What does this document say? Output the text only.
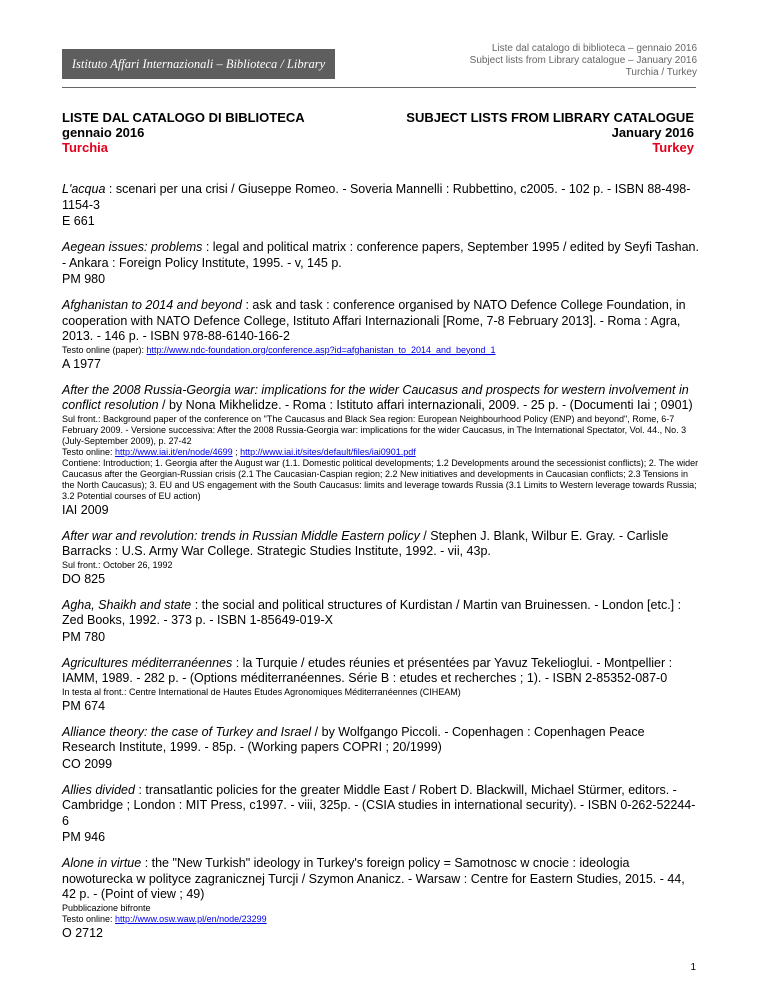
Istituto Affari Internazionali – Biblioteca / Library
Liste dal catalogo di biblioteca – gennaio 2016
Subject lists from Library catalogue – January 2016
Turchia / Turkey
LISTE DAL CATALOGO DI BIBLIOTECA
gennaio 2016
Turchia
SUBJECT LISTS FROM LIBRARY CATALOGUE
January 2016
Turkey
L'acqua : scenari per una crisi / Giuseppe Romeo. - Soveria Mannelli : Rubbettino, c2005. - 102 p. - ISBN 88-498-1154-3
E 661
Aegean issues: problems : legal and political matrix : conference papers, September 1995 / edited by Seyfi Tashan. - Ankara : Foreign Policy Institute, 1995. - v, 145 p.
PM 980
Afghanistan to 2014 and beyond : ask and task : conference organised by NATO Defence College Foundation, in cooperation with NATO Defence College, Istituto Affari Internazionali [Rome, 7-8 February 2013]. - Roma : Agra, 2013. - 146 p. - ISBN 978-88-6140-166-2
Testo online (paper): http://www.ndc-foundation.org/conference.asp?id=afghanistan_to_2014_and_beyond_1
A 1977
After the 2008 Russia-Georgia war: implications for the wider Caucasus and prospects for western involvement in conflict resolution / by Nona Mikhelidze. - Roma : Istituto affari internazionali, 2009. - 25 p. - (Documenti Iai ; 0901)
Sul front.: Background paper of the conference on "The Caucasus and Black Sea region: European Neighbourhood Policy (ENP) and beyond", Rome, 6-7 February 2009. - Versione successiva: After the 2008 Russia-Georgia war: implications for the wider Caucasus, in The International Spectator, Vol. 44., No. 3 (July-September 2009), p. 27-42
Testo online: http://www.iai.it/en/node/4699 ; http://www.iai.it/sites/default/files/iai0901.pdf
Contiene: Introduction; 1. Georgia after the August war (1.1. Domestic political developments; 1.2 Developments around the secessionist conflicts); 2. The wider Caucasus after the Georgian-Russian crisis (2.1 The Caucasian-Caspian region; 2.2 New initiatives and developments in Caucasian conflicts; 2.3 Tensions in the North Caucasus); 3. EU and US engagement with the South Caucasus: limits and leverage towards Russia (3.1 Limits to Western leverage towards Russia; 3.2 Potential courses of EU action)
IAI 2009
After war and revolution: trends in Russian Middle Eastern policy / Stephen J. Blank, Wilbur E. Gray. - Carlisle Barracks : U.S. Army War College. Strategic Studies Institute, 1992. - vii, 43p.
Sul front.: October 26, 1992
DO 825
Agha, Shaikh and state : the social and political structures of Kurdistan / Martin van Bruinessen. - London [etc.] : Zed Books, 1992. - 373 p. - ISBN 1-85649-019-X
PM 780
Agricultures méditerranéennes : la Turquie / etudes réunies et présentées par Yavuz Tekelioglui. - Montpellier : IAMM, 1989. - 282 p. - (Options méditerranéennes. Série B : etudes et recherches ; 1). - ISBN 2-85352-087-0
In testa al front.: Centre International de Hautes Etudes Agronomiques Méditerranéennes (CIHEAM)
PM 674
Alliance theory: the case of Turkey and Israel / by Wolfgango Piccoli. - Copenhagen : Copenhagen Peace Research Institute, 1999. - 85p. - (Working papers COPRI ; 20/1999)
CO 2099
Allies divided : transatlantic policies for the greater Middle East / Robert D. Blackwill, Michael Stürmer, editors. - Cambridge ; London : MIT Press, c1997. - viii, 325p. - (CSIA studies in international security). - ISBN 0-262-52244-6
PM 946
Alone in virtue : the "New Turkish" ideology in Turkey's foreign policy = Samotnosc w cnocie : ideologia nowoturecka w polityce zagranicznej Turcji / Szymon Ananicz. - Warsaw : Centre for Eastern Studies, 2015. - 44, 42 p. - (Point of view ; 49)
Pubblicazione bifronte
Testo online: http://www.osw.waw.pl/en/node/23299
O 2712
1
